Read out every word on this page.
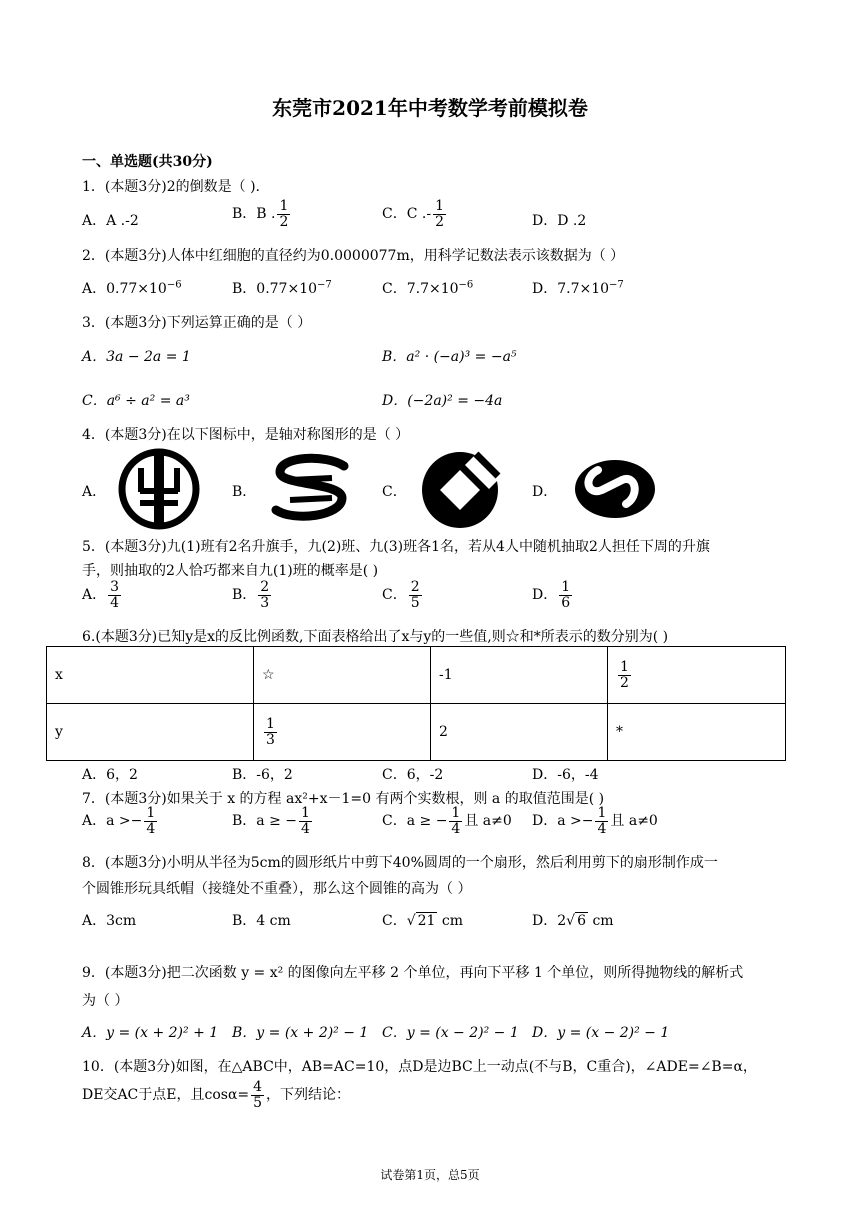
东莞市2021年中考数学考前模拟卷
一、单选题(共30分)
1．(本题3分)2的倒数是（ ).
A．A .-2	B．B . $\frac{1}{2}$	C．C .- $\frac{1}{2}$	D．D .2
2．(本题3分)人体中红细胞的直径约为0.0000077m，用科学记数法表示该数据为（ ）
A．$0.77\times 10^{-6}$	B．$0.77\times 10^{-7}$	C．$7.7\times 10^{-6}$	D．$7.7\times 10^{-7}$
3．(本题3分)下列运算正确的是（ ）
A．3a − 2a = 1	B．a² · (−a)³ = −a⁵
C．a⁶ ÷ a² = a³	D．(−2a)² = −4a
4．(本题3分)在以下图标中，是轴对称图形的是（ ）
A．	B．	C．	D．
5．(本题3分)九(1)班有2名升旗手，九(2)班、九(3)班各1名，若从4人中随机抽取2人担任下周的升旗
手，则抽取的2人恰巧都来自九(1)班的概率是( )
A． $\frac{3}{4}$	B． $\frac{2}{3}$	C． $\frac{2}{5}$	D． $\frac{1}{6}$
6.(本题3分)已知y是x的反比例函数,下面表格给出了x与y的一些值,则☆和*所表示的数分别为( )
x	☆	-1	$\frac{1}{2}$

y	$\frac{1}{3}$	2	*
A．6，2	B．-6，2	C．6，-2	D．-6，-4
7．(本题3分)如果关于 x 的方程 ax²+x－1=0 有两个实数根，则 a 的取值范围是( )
A．$a >- \frac{1}{4}$	B．a ≥ − $\frac{1}{4}$	C．a ≥ − $\frac{1}{4}$ 且 a≠0 D．$a >- \frac{1}{4}$ 且 a≠0
8．(本题3分)小明从半径为5cm的圆形纸片中剪下40%圆周的一个扇形，然后利用剪下的扇形制作成一
个圆锥形玩具纸帽（接缝处不重叠），那么这个圆锥的高为（ ）
A．3cm	B．4 cm	C．√ 21 cm	D．2√ 6 cm
9．(本题3分)把二次函数 y = x² 的图像向左平移 2 个单位，再向下平移 1 个单位，则所得抛物线的解析式
为（ ）
A．y = (x + 2)² + 1 B．y = (x + 2)² − 1 C．y = (x − 2)² − 1 D．y = (x − 2)² − 1
10．(本题3分)如图，在△ABC中，AB=AC=10，点D是边BC上一动点(不与B，C重合)，∠ADE=∠B=α，
DE交AC于点E，且$\cos\alpha= \frac{4}{5}$ ，下列结论：
试卷第1页，总5页
